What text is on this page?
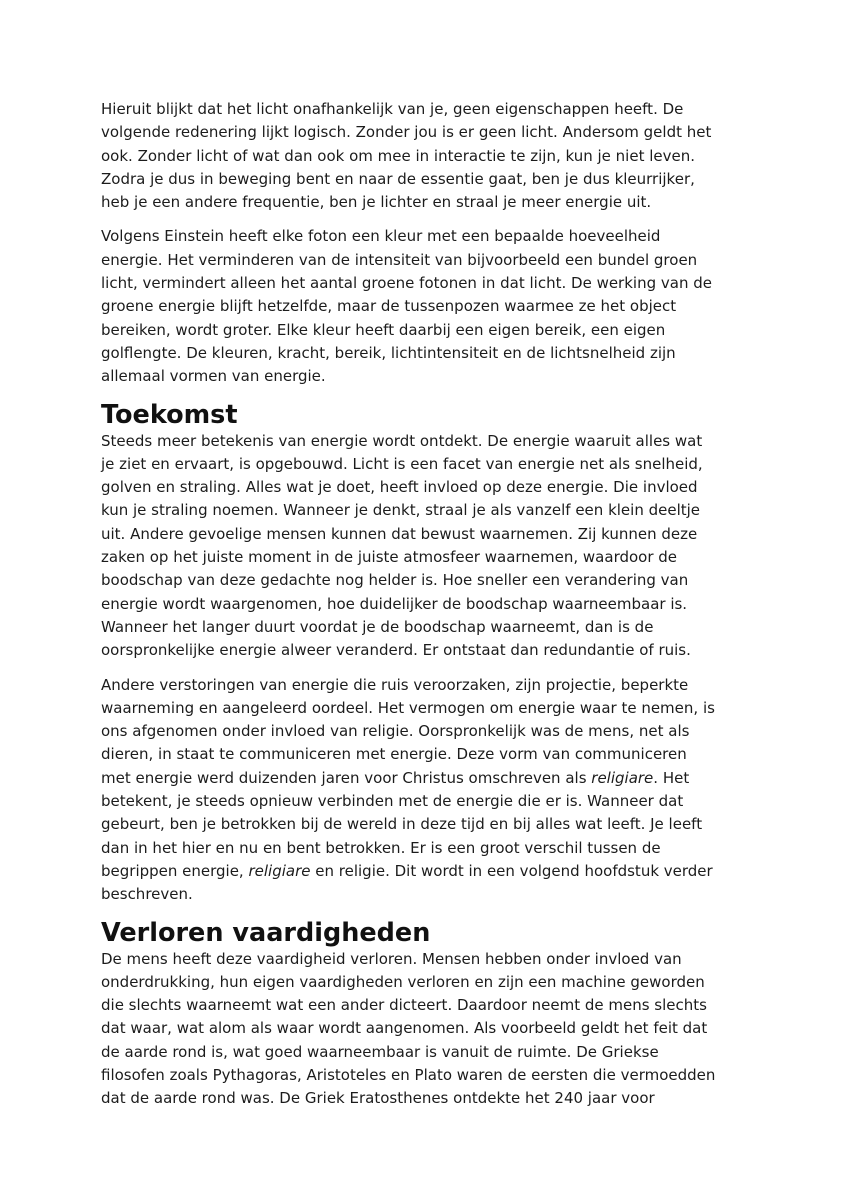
Hieruit blijkt dat het licht onafhankelijk van je, geen eigenschappen heeft. De
volgende redenering lijkt logisch. Zonder jou is er geen licht. Andersom geldt het
ook. Zonder licht of wat dan ook om mee in interactie te zijn, kun je niet leven.
Zodra je dus in beweging bent en naar de essentie gaat, ben je dus kleurrijker,
heb je een andere frequentie, ben je lichter en straal je meer energie uit.

Volgens Einstein heeft elke foton een kleur met een bepaalde hoeveelheid
energie. Het verminderen van de intensiteit van bijvoorbeeld een bundel groen
licht, vermindert alleen het aantal groene fotonen in dat licht. De werking van de
groene energie blijft hetzelfde, maar de tussenpozen waarmee ze het object
bereiken, wordt groter. Elke kleur heeft daarbij een eigen bereik, een eigen
golflengte. De kleuren, kracht, bereik, lichtintensiteit en de lichtsnelheid zijn
allemaal vormen van energie.

Toekomst

Steeds meer betekenis van energie wordt ontdekt. De energie waaruit alles wat
je ziet en ervaart, is opgebouwd. Licht is een facet van energie net als snelheid,
golven en straling. Alles wat je doet, heeft invloed op deze energie. Die invloed
kun je straling noemen. Wanneer je denkt, straal je als vanzelf een klein deeltje
uit. Andere gevoelige mensen kunnen dat bewust waarnemen. Zij kunnen deze
zaken op het juiste moment in de juiste atmosfeer waarnemen, waardoor de
boodschap van deze gedachte nog helder is. Hoe sneller een verandering van
energie wordt waargenomen, hoe duidelijker de boodschap waarneembaar is.
Wanneer het langer duurt voordat je de boodschap waarneemt, dan is de
oorspronkelijke energie alweer veranderd. Er ontstaat dan redundantie of ruis.

Andere verstoringen van energie die ruis veroorzaken, zijn projectie, beperkte
waarneming en aangeleerd oordeel. Het vermogen om energie waar te nemen, is
ons afgenomen onder invloed van religie. Oorspronkelijk was de mens, net als
dieren, in staat te communiceren met energie. Deze vorm van communiceren
met energie werd duizenden jaren voor Christus omschreven als religiare. Het
betekent, je steeds opnieuw verbinden met de energie die er is. Wanneer dat
gebeurt, ben je betrokken bij de wereld in deze tijd en bij alles wat leeft. Je leeft
dan in het hier en nu en bent betrokken. Er is een groot verschil tussen de
begrippen energie, religiare en religie. Dit wordt in een volgend hoofdstuk verder
beschreven.

Verloren vaardigheden

De mens heeft deze vaardigheid verloren. Mensen hebben onder invloed van
onderdrukking, hun eigen vaardigheden verloren en zijn een machine geworden
die slechts waarneemt wat een ander dicteert. Daardoor neemt de mens slechts
dat waar, wat alom als waar wordt aangenomen. Als voorbeeld geldt het feit dat
de aarde rond is, wat goed waarneembaar is vanuit de ruimte. De Griekse
filosofen zoals Pythagoras, Aristoteles en Plato waren de eersten die vermoedden
dat de aarde rond was. De Griek Eratosthenes ontdekte het 240 jaar voor
